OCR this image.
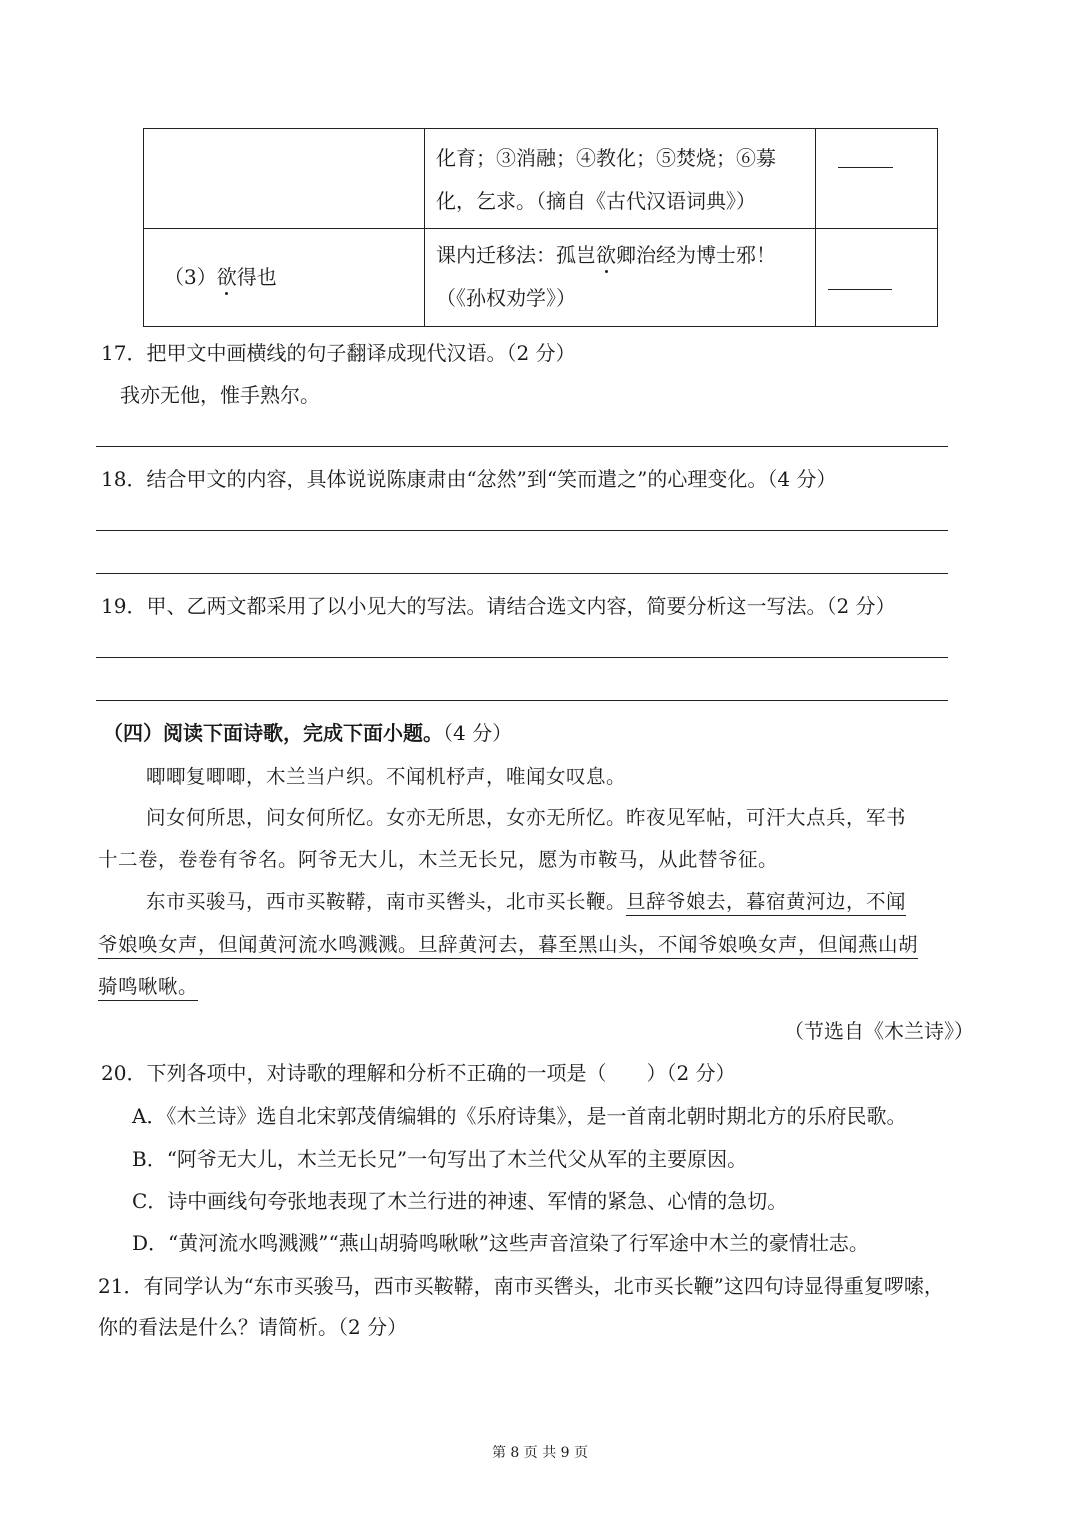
	化育；③消融；④教化；⑤焚烧；⑥募
化，乞求。（摘自《古代汉语词典》）	

（3）欲得也	课内迁移法：孤岂欲卿治经为博士邪！
（《孙权劝学》）	

17．把甲文中画横线的句子翻译成现代汉语。（2 分）
我亦无他，惟手熟尔。
18．结合甲文的内容，具体说说陈康肃由“忿然”到“笑而遣之”的心理变化。（4 分）
19．甲、乙两文都采用了以小见大的写法。请结合选文内容，简要分析这一写法。（2 分）
（四）阅读下面诗歌，完成下面小题。（4 分）
唧唧复唧唧，木兰当户织。不闻机杼声，唯闻女叹息。
问女何所思，问女何所忆。女亦无所思，女亦无所忆。昨夜见军帖，可汗大点兵，军书
十二卷，卷卷有爷名。阿爷无大儿，木兰无长兄，愿为市鞍马，从此替爷征。
东市买骏马，西市买鞍鞯，南市买辔头，北市买长鞭。旦辞爷娘去，暮宿黄河边，不闻
爷娘唤女声，但闻黄河流水鸣溅溅。旦辞黄河去，暮至黑山头，不闻爷娘唤女声，但闻燕山胡
骑鸣啾啾。
（节选自《木兰诗》）
20．下列各项中，对诗歌的理解和分析不正确的一项是（　　）（2 分）
A．《木兰诗》选自北宋郭茂倩编辑的《乐府诗集》，是一首南北朝时期北方的乐府民歌。
B．“阿爷无大儿，木兰无长兄”一句写出了木兰代父从军的主要原因。
C．诗中画线句夸张地表现了木兰行进的神速、军情的紧急、心情的急切。
D．“黄河流水鸣溅溅”“燕山胡骑鸣啾啾”这些声音渲染了行军途中木兰的豪情壮志。
21．有同学认为“东市买骏马，西市买鞍鞯，南市买辔头，北市买长鞭”这四句诗显得重复啰嗦，
你的看法是什么？请简析。（2 分）
第 8 页 共 9 页
